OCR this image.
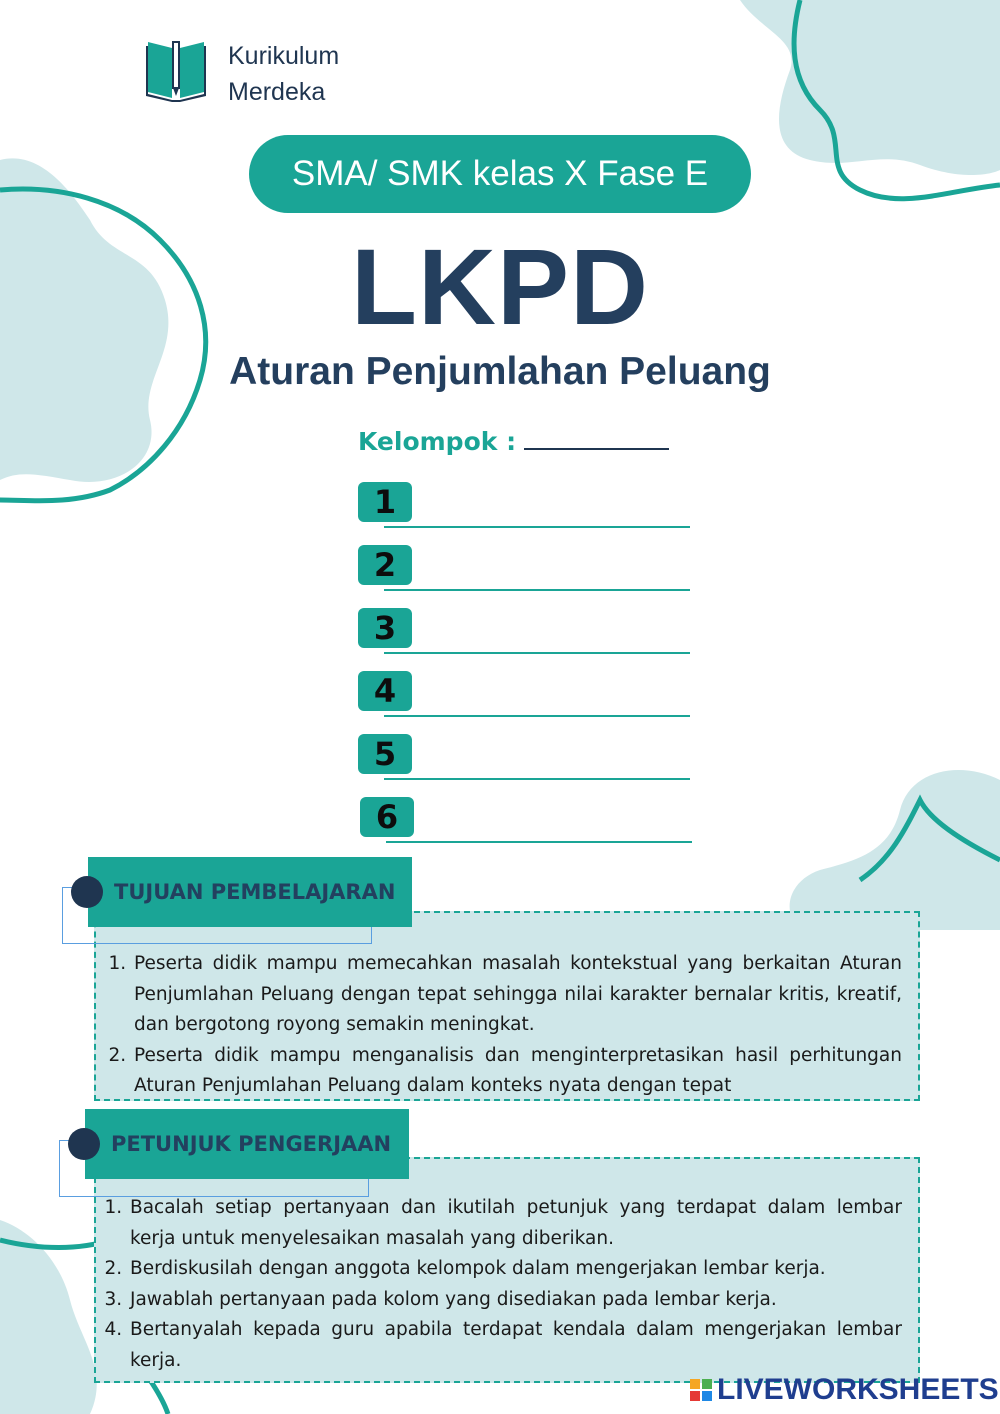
Kurikulum
Merdeka
SMA/ SMK kelas X Fase E
LKPD
Aturan Penjumlahan Peluang
Kelompok :
1
2
3
4
5
6
1. Peserta didik mampu memecahkan masalah kontekstual yang berkaitan Aturan Penjumlahan Peluang dengan tepat sehingga nilai karakter bernalar kritis, kreatif, dan bergotong royong semakin meningkat.
2. Peserta didik mampu menganalisis dan menginterpretasikan hasil perhitungan Aturan Penjumlahan Peluang dalam konteks nyata dengan tepat
TUJUAN PEMBELAJARAN
1. Bacalah setiap pertanyaan dan ikutilah petunjuk yang terdapat dalam lembar kerja untuk menyelesaikan masalah yang diberikan.
2. Berdiskusilah dengan anggota kelompok dalam mengerjakan lembar kerja.
3. Jawablah pertanyaan pada kolom yang disediakan pada lembar kerja.
4. Bertanyalah kepada guru apabila terdapat kendala dalam mengerjakan lembar kerja.
PETUNJUK PENGERJAAN
LIVEWORKSHEETS
